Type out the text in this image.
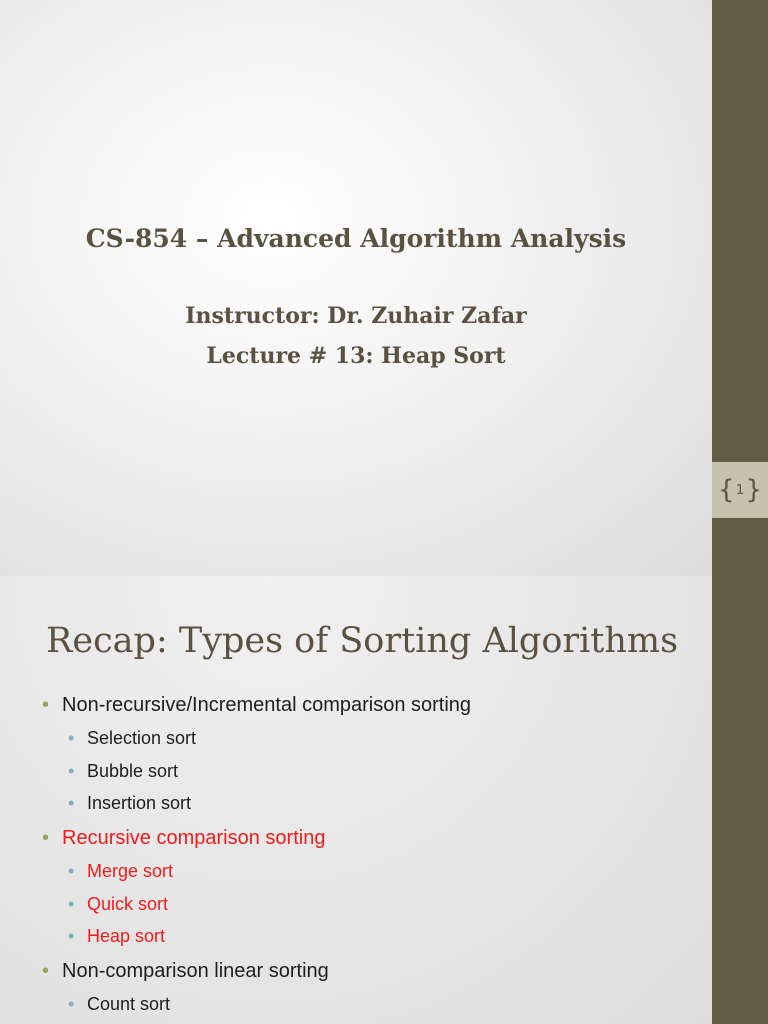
CS-854 – Advanced Algorithm Analysis
Instructor: Dr. Zuhair Zafar
Lecture # 13: Heap Sort
{ 1 }
Recap: Types of Sorting Algorithms
• Non-recursive/Incremental comparison sorting
• Selection sort
• Bubble sort
• Insertion sort
• Recursive comparison sorting
• Merge sort
• Quick sort
• Heap sort
• Non-comparison linear sorting
• Count sort
